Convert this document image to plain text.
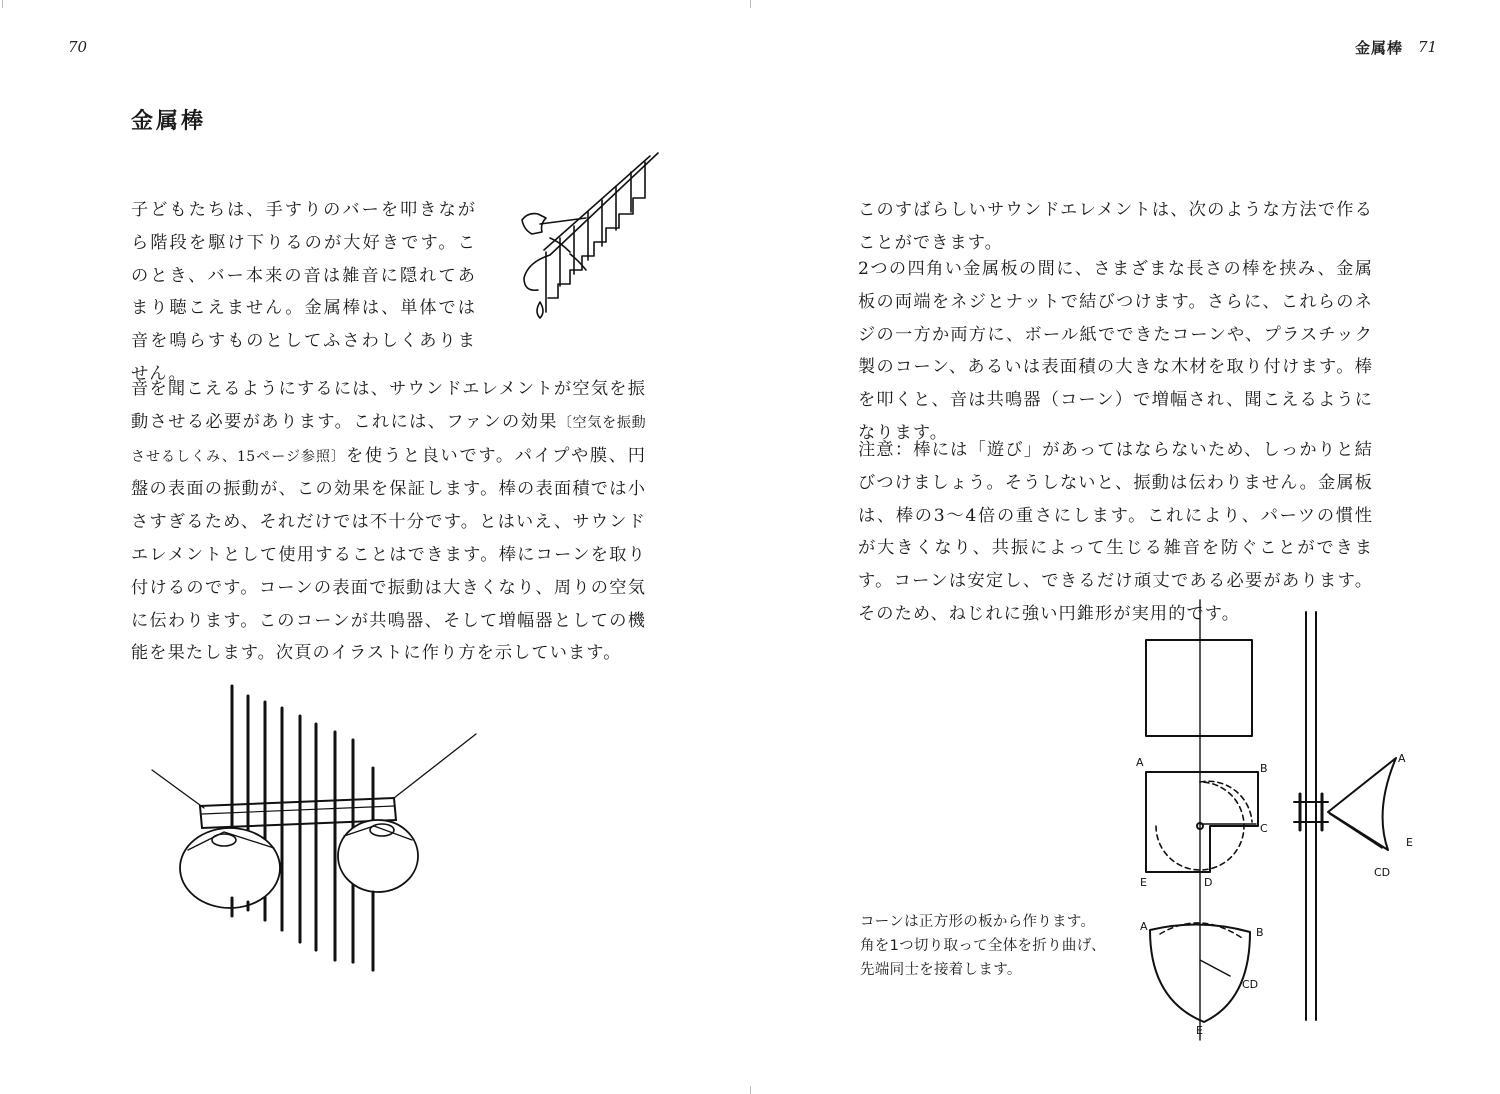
70
金属棒

子どもたちは、手すりのバーを叩きながら階段を駆け下りるのが大好きです。このとき、バー本来の音は雑音に隠れてあまり聴こえません。金属棒は、単体では音を鳴らすものとしてふさわしくありません。

音を聞こえるようにするには、サウンドエレメントが空気を振動させる必要があります。これには、ファンの効果〔空気を振動させるしくみ、15ページ参照〕を使うと良いです。パイプや膜、円盤の表面の振動が、この効果を保証します。棒の表面積では小さすぎるため、それだけでは不十分です。とはいえ、サウンドエレメントとして使用することはできます。棒にコーンを取り付けるのです。コーンの表面で振動は大きくなり、周りの空気に伝わります。このコーンが共鳴器、そして増幅器としての機能を果たします。次頁のイラストに作り方を示しています。

金属棒 71

このすばらしいサウンドエレメントは、次のような方法で作ることができます。

2つの四角い金属板の間に、さまざまな長さの棒を挟み、金属板の両端をネジとナットで結びつけます。さらに、これらのネジの一方か両方に、ボール紙でできたコーンや、プラスチック製のコーン、あるいは表面積の大きな木材を取り付けます。棒を叩くと、音は共鳴器（コーン）で増幅され、聞こえるようになります。

注意：棒には「遊び」があってはならないため、しっかりと結びつけましょう。そうしないと、振動は伝わりません。金属板は、棒の3〜4倍の重さにします。これにより、パーツの慣性が大きくなり、共振によって生じる雑音を防ぐことができます。コーンは安定し、できるだけ頑丈である必要があります。そのため、ねじれに強い円錐形が実用的です。

A	B
C
D
E
A
E
CD
A	B
CD
E

コーンは正方形の板から作ります。角を1つ切り取って全体を折り曲げ、先端同士を接着します。
